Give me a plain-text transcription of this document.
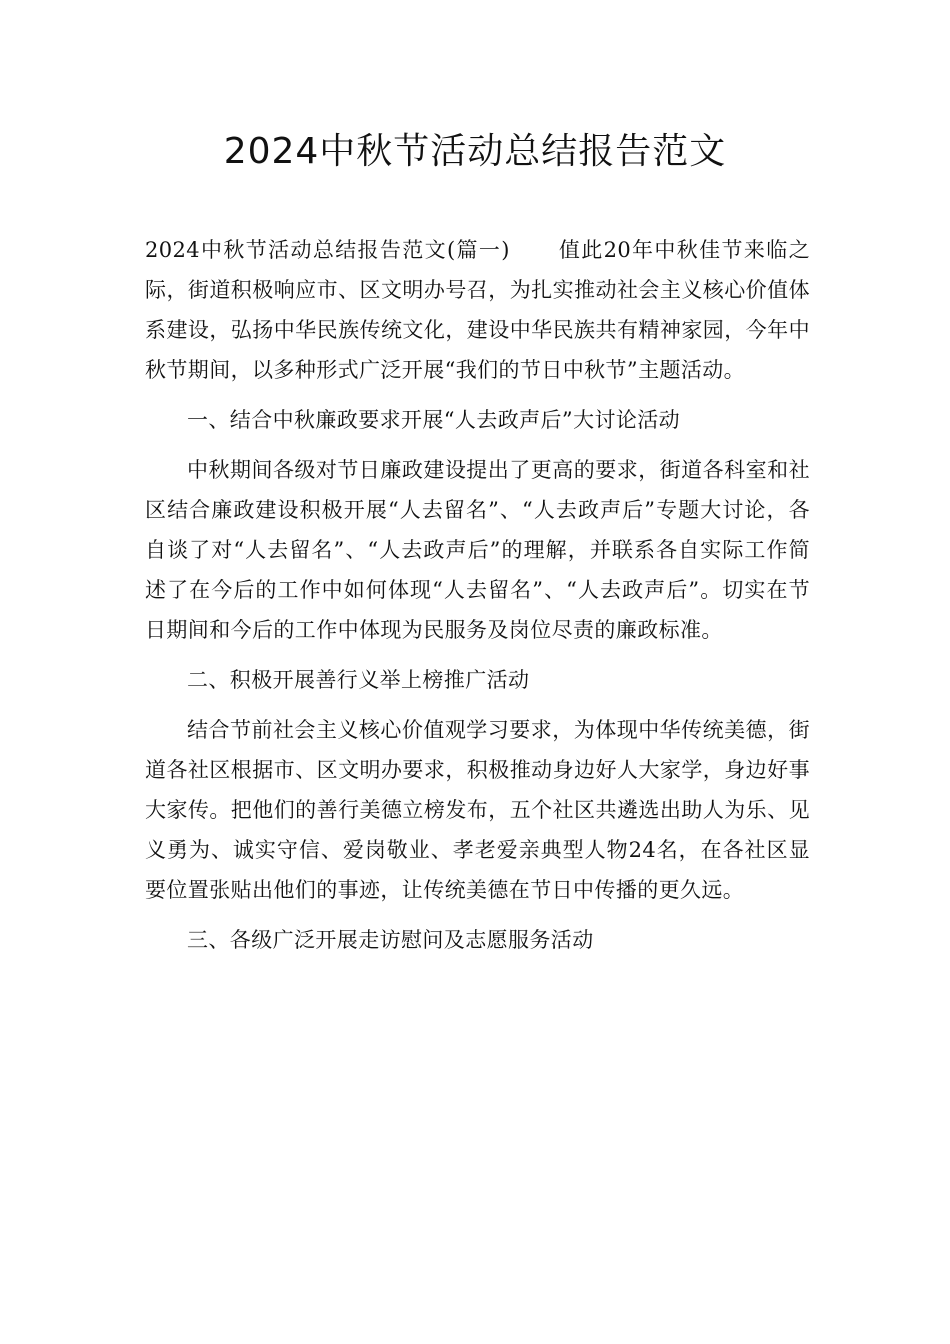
2024中秋节活动总结报告范文

2024中秋节活动总结报告范文(篇一) 值此20年中秋佳节来临之际，街道积极响应市、区文明办号召，为扎实推动社会主义核心价值体系建设，弘扬中华民族传统文化，建设中华民族共有精神家园，今年中秋节期间，以多种形式广泛开展“我们的节日中秋节”主题活动。

一、结合中秋廉政要求开展“人去政声后”大讨论活动

中秋期间各级对节日廉政建设提出了更高的要求，街道各科室和社区结合廉政建设积极开展“人去留名”、“人去政声后”专题大讨论，各自谈了对“人去留名”、“人去政声后”的理解，并联系各自实际工作简述了在今后的工作中如何体现“人去留名”、“人去政声后”。切实在节日期间和今后的工作中体现为民服务及岗位尽责的廉政标准。

二、积极开展善行义举上榜推广活动

结合节前社会主义核心价值观学习要求，为体现中华传统美德，街道各社区根据市、区文明办要求，积极推动身边好人大家学，身边好事大家传。把他们的善行美德立榜发布，五个社区共遴选出助人为乐、见义勇为、诚实守信、爱岗敬业、孝老爱亲典型人物24名，在各社区显要位置张贴出他们的事迹，让传统美德在节日中传播的更久远。

三、各级广泛开展走访慰问及志愿服务活动
